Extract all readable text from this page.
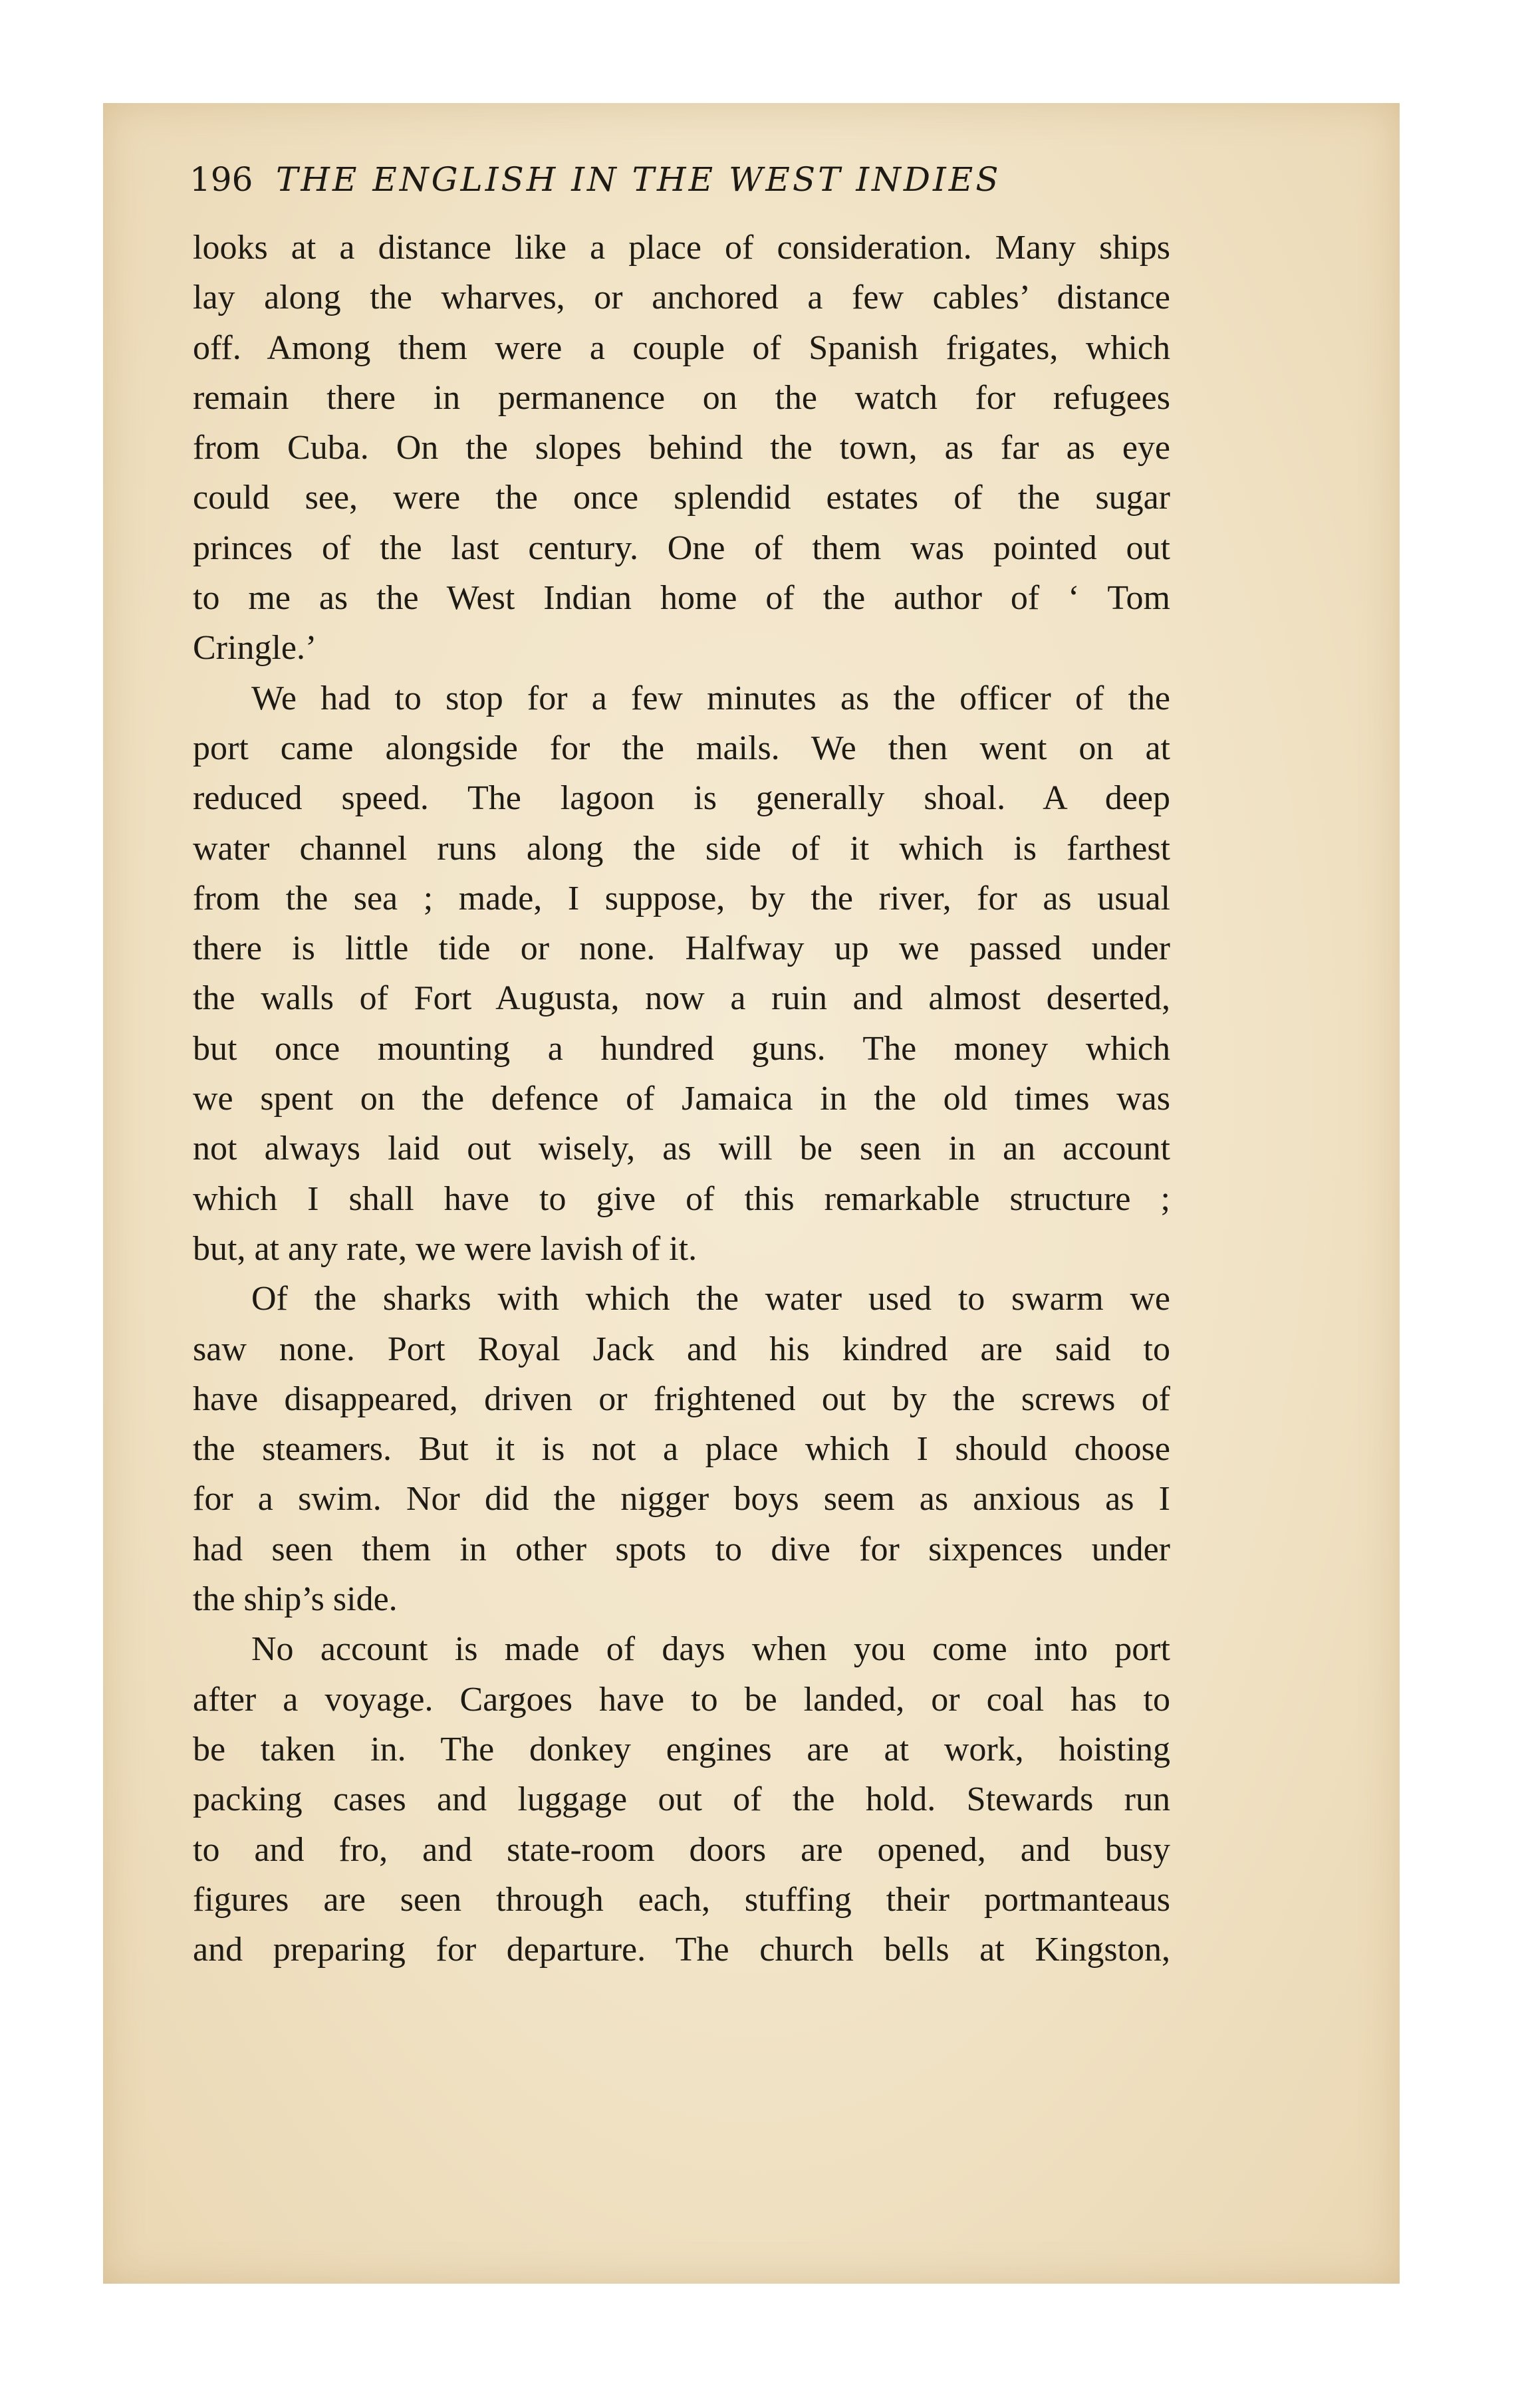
196 THE ENGLISH IN THE WEST INDIES
looks at a distance like a place of consideration. Many ships
lay along the wharves, or anchored a few cables’ distance
off. Among them were a couple of Spanish frigates, which
remain there in permanence on the watch for refugees
from Cuba. On the slopes behind the town, as far as eye
could see, were the once splendid estates of the sugar
princes of the last century. One of them was pointed out
to me as the West Indian home of the author of ‘ Tom
Cringle.’
We had to stop for a few minutes as the officer of the
port came alongside for the mails. We then went on at
reduced speed. The lagoon is generally shoal. A deep
water channel runs along the side of it which is farthest
from the sea ; made, I suppose, by the river, for as usual
there is little tide or none. Halfway up we passed under
the walls of Fort Augusta, now a ruin and almost deserted,
but once mounting a hundred guns. The money which
we spent on the defence of Jamaica in the old times was
not always laid out wisely, as will be seen in an account
which I shall have to give of this remarkable structure ;
but, at any rate, we were lavish of it.
Of the sharks with which the water used to swarm we
saw none. Port Royal Jack and his kindred are said to
have disappeared, driven or frightened out by the screws of
the steamers. But it is not a place which I should choose
for a swim. Nor did the nigger boys seem as anxious as I
had seen them in other spots to dive for sixpences under
the ship’s side.
No account is made of days when you come into port
after a voyage. Cargoes have to be landed, or coal has to
be taken in. The donkey engines are at work, hoisting
packing cases and luggage out of the hold. Stewards run
to and fro, and state-room doors are opened, and busy
figures are seen through each, stuffing their portmanteaus
and preparing for departure. The church bells at Kingston,
